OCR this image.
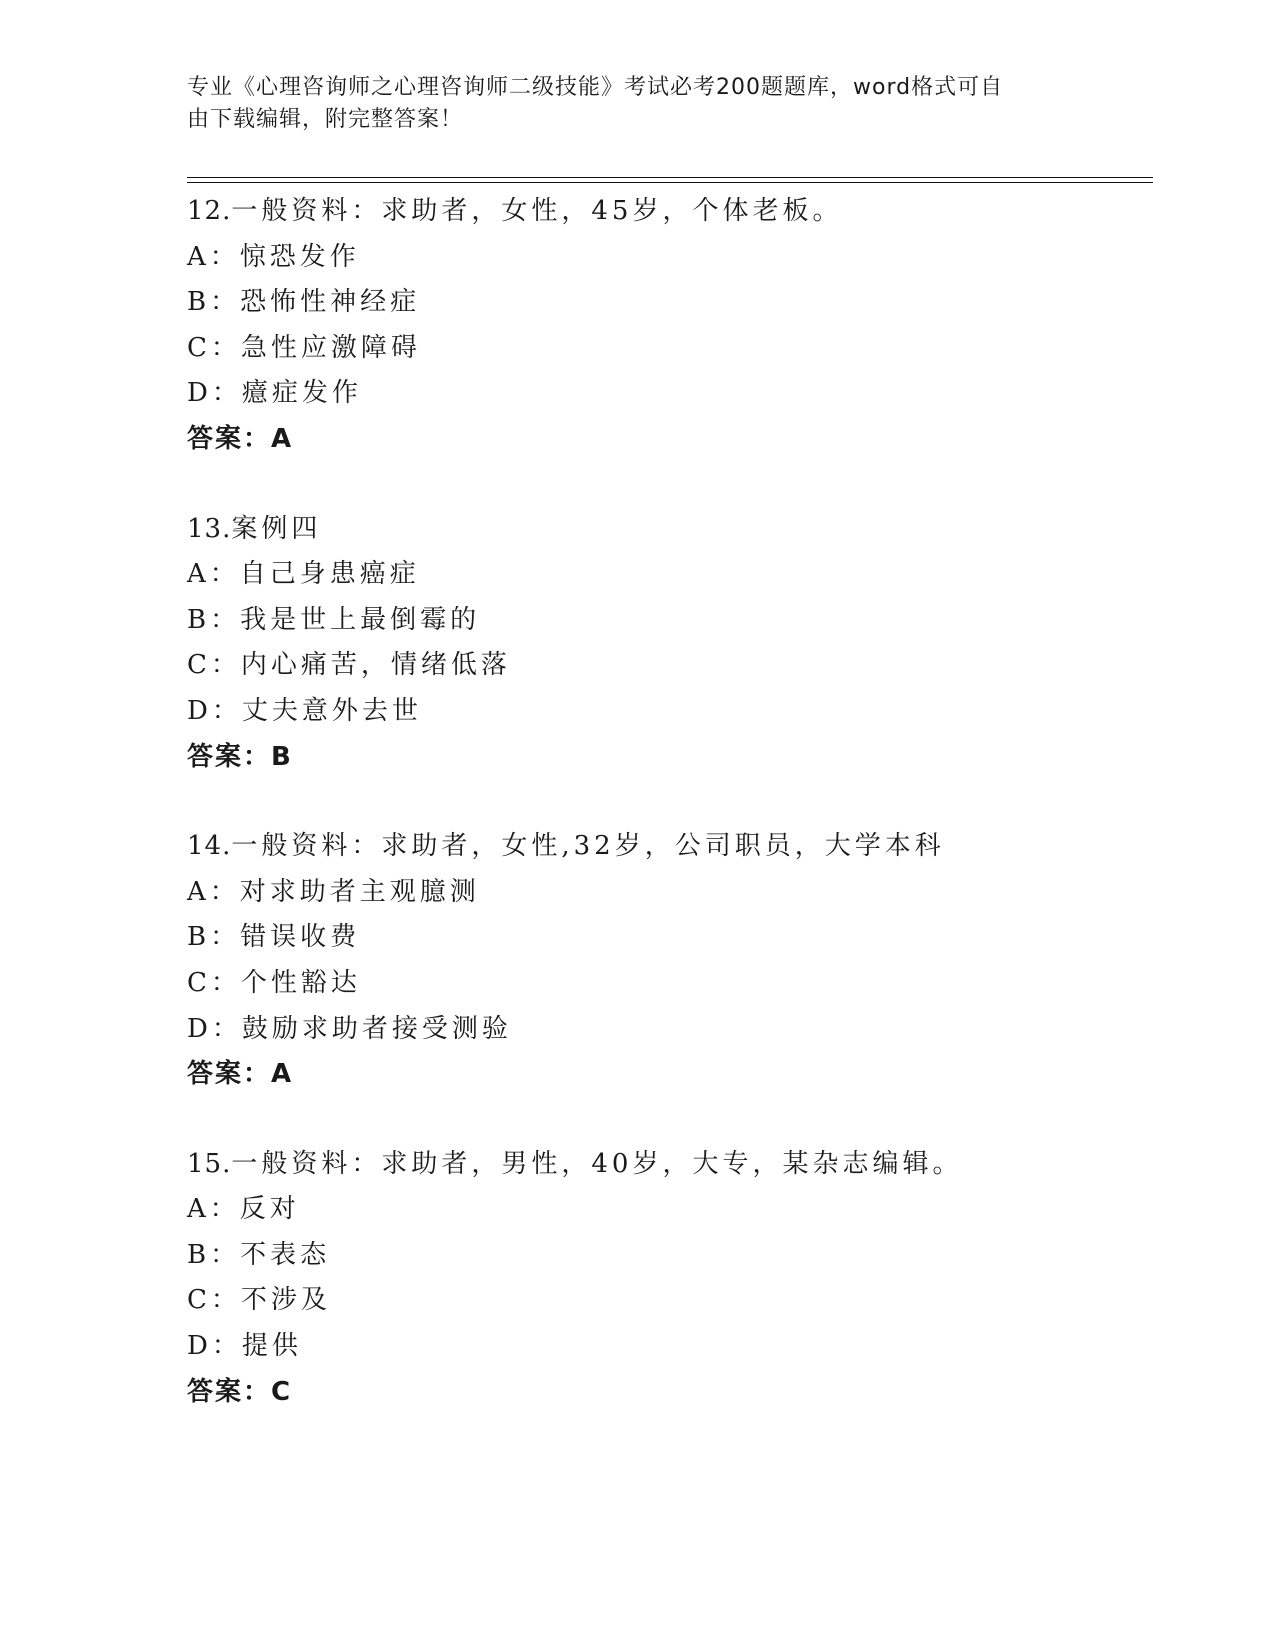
专业《心理咨询师之心理咨询师二级技能》考试必考200题题库，word格式可自
由下载编辑，附完整答案！
12.一般资料：求助者，女性，45岁，个体老板。
A：惊恐发作
B：恐怖性神经症
C：急性应激障碍
D：癔症发作
答案：A
13.案例四
A：自己身患癌症
B：我是世上最倒霉的
C：内心痛苦，情绪低落
D：丈夫意外去世
答案：B
14.一般资料：求助者，女性,32岁，公司职员，大学本科
A：对求助者主观臆测
B：错误收费
C：个性豁达
D：鼓励求助者接受测验
答案：A
15.一般资料：求助者，男性，40岁，大专，某杂志编辑。
A：反对
B：不表态
C：不涉及
D：提供
答案：C
